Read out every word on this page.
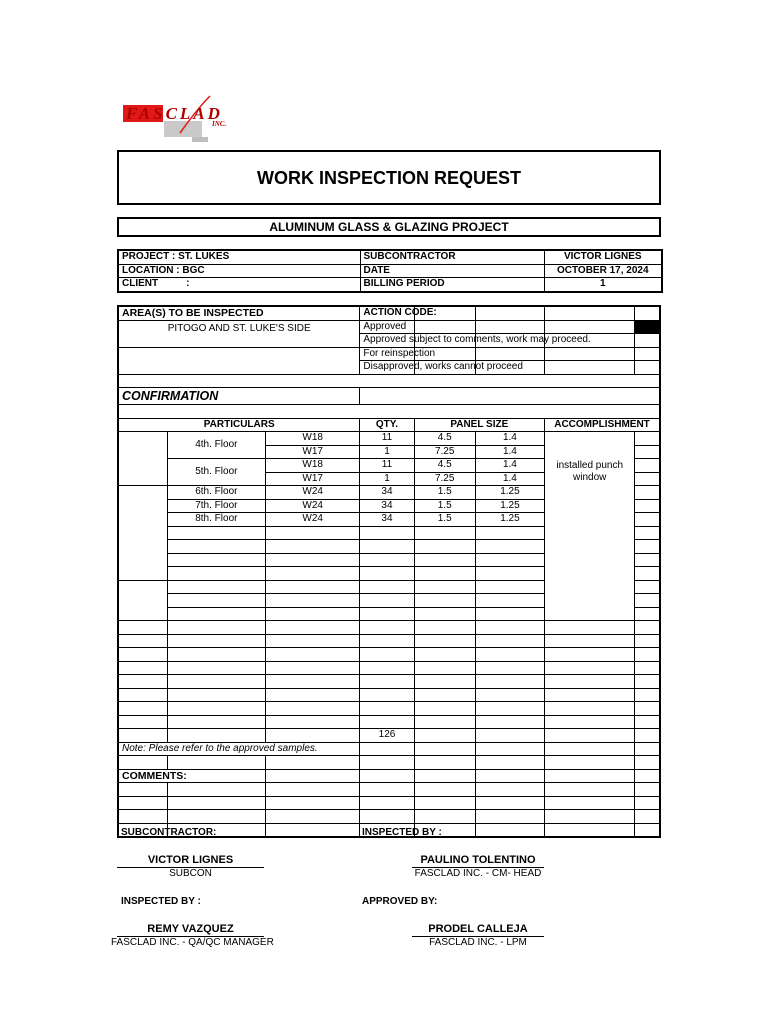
FASCLAD
INC.
WORK INSPECTION REQUEST
ALUMINUM GLASS & GLAZING PROJECT
PROJECT : ST. LUKES	SUBCONTRACTOR	VICTOR LIGNES
LOCATION : BGC	DATE	OCTOBER 17, 2024
CLIENT :	BILLING PERIOD	1
AREA(S) TO BE INSPECTED			ACTION CODE:				
PITOGO AND ST. LUKE'S SIDE			Approved				
			Approved subject to comments, work may proceed.				
			For reinspection				
			Disapproved, works cannot proceed				

CONFIRMATION							

PARTICULARS			QTY.	PANEL SIZE		ACCOMPLISHMENT	
	4th. Floor	W18	11	4.5	1.4	installed punch
window	
		W17	1	7.25	1.4		
	5th. Floor	W18	11	4.5	1.4		
		W17	1	7.25	1.4		
	6th. Floor	W24	34	1.5	1.25		
	7th. Floor	W24	34	1.5	1.25		
	8th. Floor	W24	34	1.5	1.25		

			126				
Note: Please refer to the approved samples.							

COMMENTS:							

SUBCONTRACTOR:	INSPECTED BY :
VICTOR LIGNES
SUBCON
PAULINO TOLENTINO
FASCLAD INC. - CM- HEAD
INSPECTED BY :	APPROVED BY:
REMY VAZQUEZ
FASCLAD INC. - QA/QC MANAGER
PRODEL CALLEJA
FASCLAD INC. - LPM
